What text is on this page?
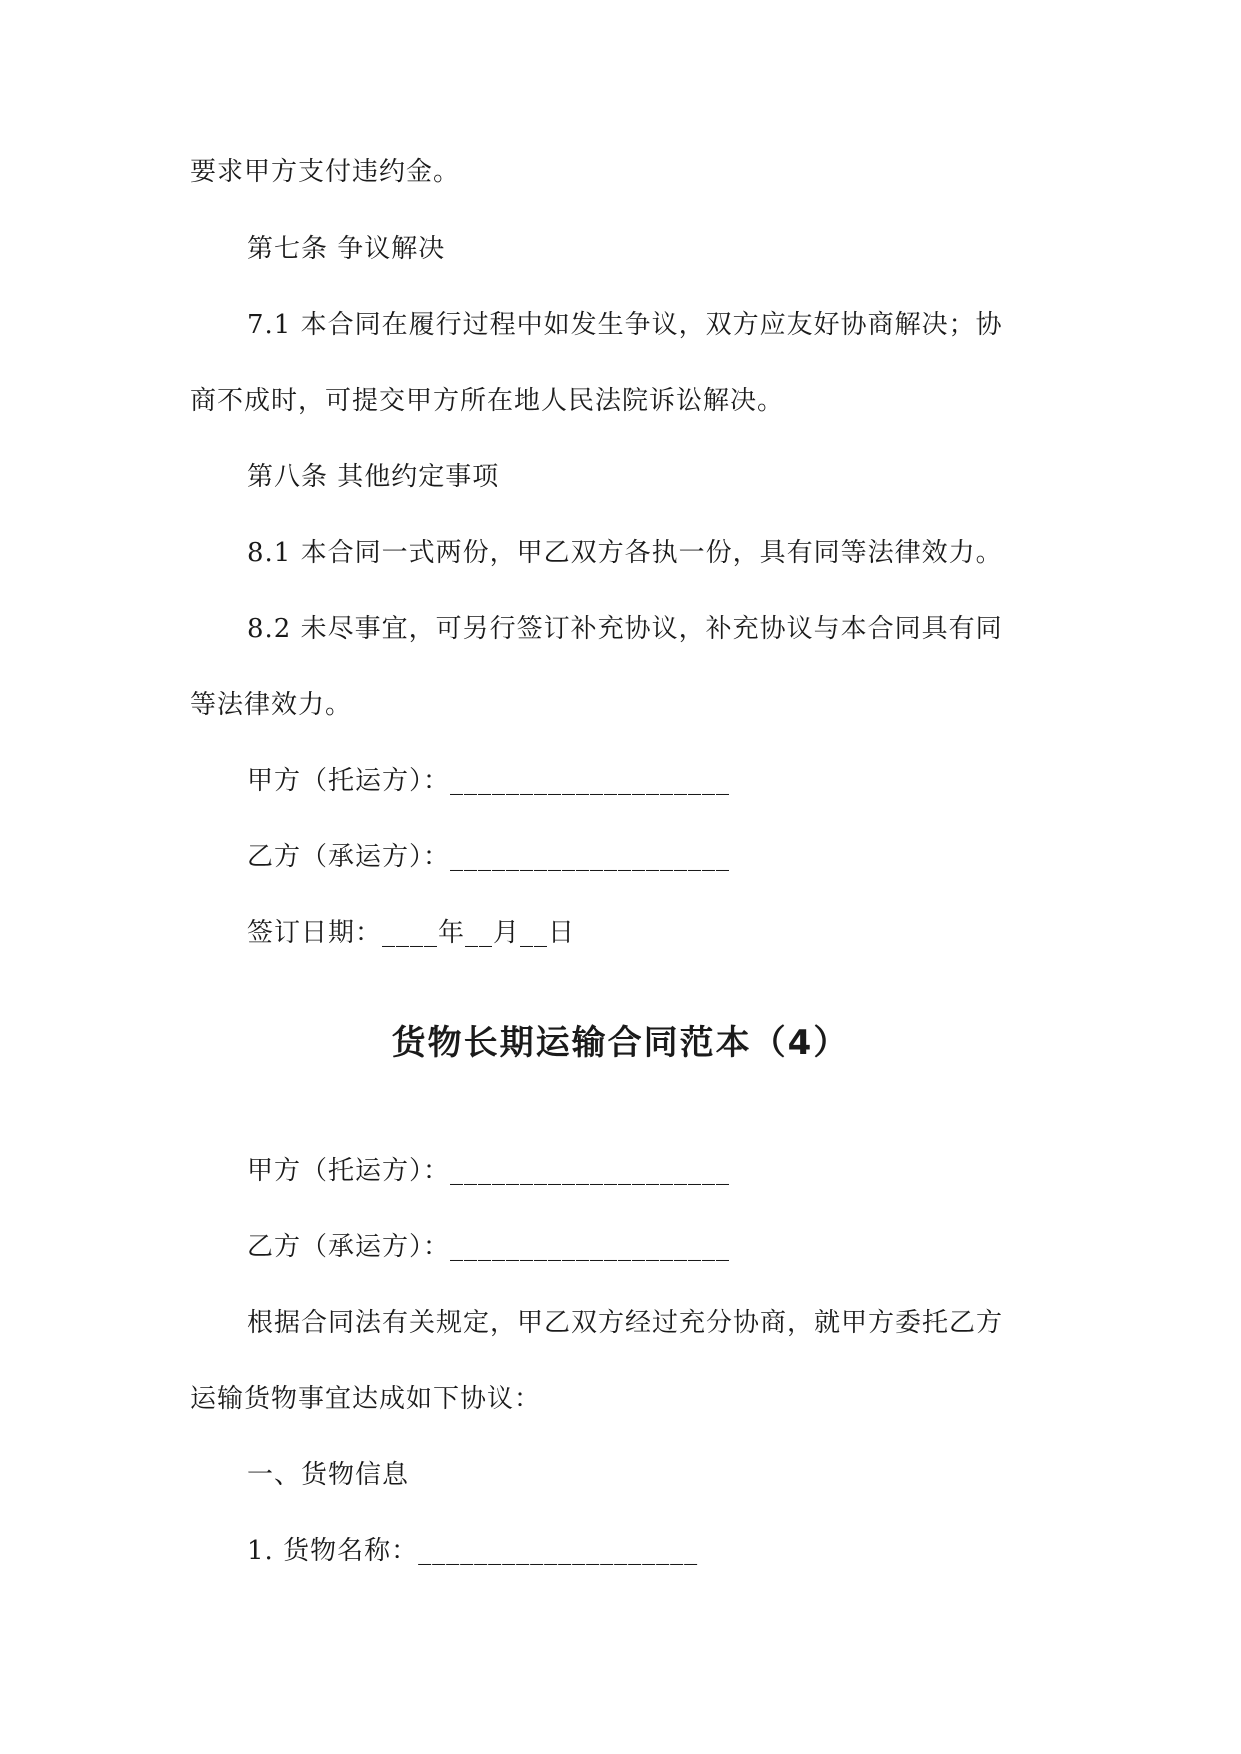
要求甲方支付违约金。
第七条 争议解决
7.1 本合同在履行过程中如发生争议，双方应友好协商解决；协
商不成时，可提交甲方所在地人民法院诉讼解决。
第八条 其他约定事项
8.1 本合同一式两份，甲乙双方各执一份，具有同等法律效力。
8.2 未尽事宜，可另行签订补充协议，补充协议与本合同具有同
等法律效力。
甲方（托运方）：____________________
乙方（承运方）：____________________
签订日期：____年__月__日
货物长期运输合同范本（4）
甲方（托运方）：____________________
乙方（承运方）：____________________
根据合同法有关规定，甲乙双方经过充分协商，就甲方委托乙方
运输货物事宜达成如下协议：
一、货物信息
1. 货物名称：____________________
